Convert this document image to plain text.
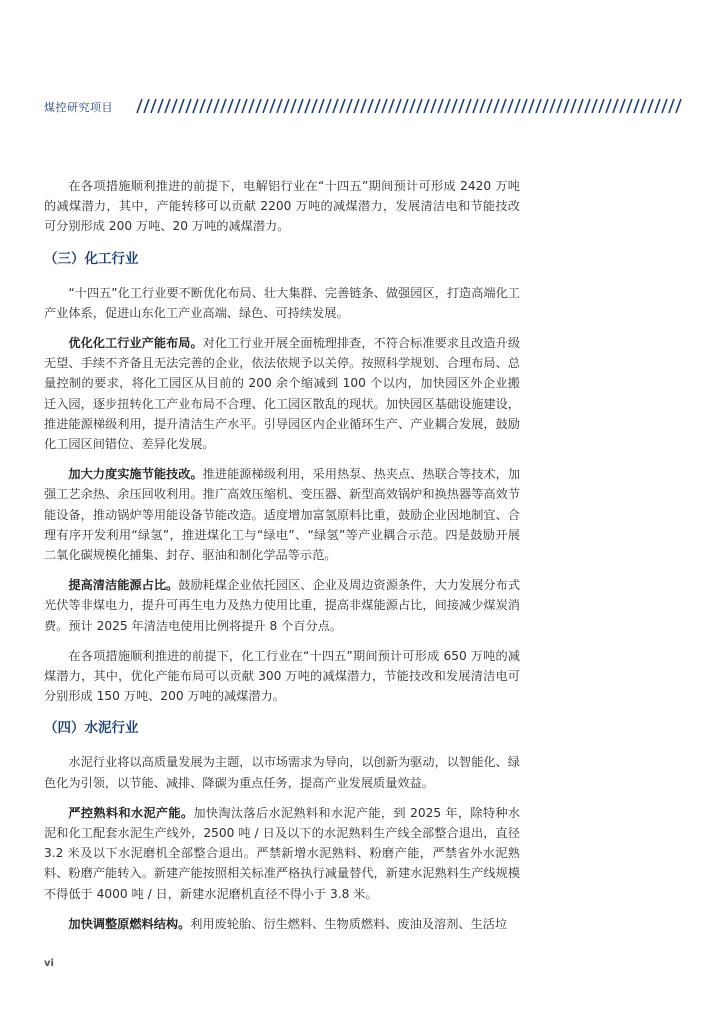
煤控研究项目

在各项措施顺利推进的前提下，电解铝行业在“十四五”期间预计可形成 2420 万吨的减煤潜力，其中，产能转移可以贡献 2200 万吨的减煤潜力，发展清洁电和节能技改可分别形成 200 万吨、20 万吨的减煤潜力。

（三）化工行业

“十四五”化工行业要不断优化布局、壮大集群、完善链条、做强园区，打造高端化工产业体系，促进山东化工产业高端、绿色、可持续发展。

优化化工行业产能布局。对化工行业开展全面梳理排查，不符合标准要求且改造升级无望、手续不齐备且无法完善的企业，依法依规予以关停。按照科学规划、合理布局、总量控制的要求，将化工园区从目前的 200 余个缩减到 100 个以内，加快园区外企业搬迁入园，逐步扭转化工产业布局不合理、化工园区散乱的现状。加快园区基础设施建设，推进能源梯级利用，提升清洁生产水平。引导园区内企业循环生产、产业耦合发展，鼓励化工园区间错位、差异化发展。

加大力度实施节能技改。推进能源梯级利用，采用热泵、热夹点、热联合等技术，加强工艺余热、余压回收利用。推广高效压缩机、变压器、新型高效锅炉和换热器等高效节能设备，推动锅炉等用能设备节能改造。适度增加富氢原料比重，鼓励企业因地制宜、合理有序开发利用“绿氢”，推进煤化工与“绿电”、“绿氢”等产业耦合示范。四是鼓励开展二氧化碳规模化捕集、封存、驱油和制化学品等示范。

提高清洁能源占比。鼓励耗煤企业依托园区、企业及周边资源条件，大力发展分布式光伏等非煤电力，提升可再生电力及热力使用比重，提高非煤能源占比，间接减少煤炭消费。预计 2025 年清洁电使用比例将提升 8 个百分点。

在各项措施顺利推进的前提下，化工行业在“十四五”期间预计可形成 650 万吨的减煤潜力，其中，优化产能布局可以贡献 300 万吨的减煤潜力，节能技改和发展清洁电可分别形成 150 万吨、200 万吨的减煤潜力。

（四）水泥行业

水泥行业将以高质量发展为主题，以市场需求为导向，以创新为驱动，以智能化、绿色化为引领，以节能、减排、降碳为重点任务，提高产业发展质量效益。

严控熟料和水泥产能。加快淘汰落后水泥熟料和水泥产能，到 2025 年，除特种水泥和化工配套水泥生产线外，2500 吨 / 日及以下的水泥熟料生产线全部整合退出，直径 3.2 米及以下水泥磨机全部整合退出。严禁新增水泥熟料、粉磨产能，严禁省外水泥熟料、粉磨产能转入。新建产能按照相关标准严格执行减量替代，新建水泥熟料生产线规模不得低于 4000 吨 / 日，新建水泥磨机直径不得小于 3.8 米。

加快调整原燃料结构。利用废轮胎、衍生燃料、生物质燃料、废油及溶剂、生活垃

vi
